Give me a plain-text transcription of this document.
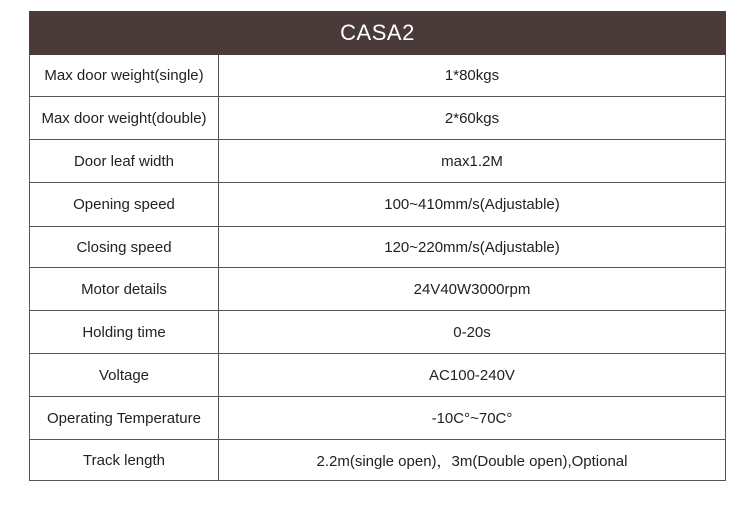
CASA2	
Max door weight(single)	1*80kgs
Max door weight(double)	2*60kgs
Door leaf width	max1.2M
Opening speed	100~410mm/s(Adjustable)
Closing speed	120~220mm/s(Adjustable)
Motor details	24V40W3000rpm
Holding time	0-20s
Voltage	AC100-240V
Operating Temperature	-10C°~70C°
Track length	2.2m(single open)，3m(Double open),Optional
